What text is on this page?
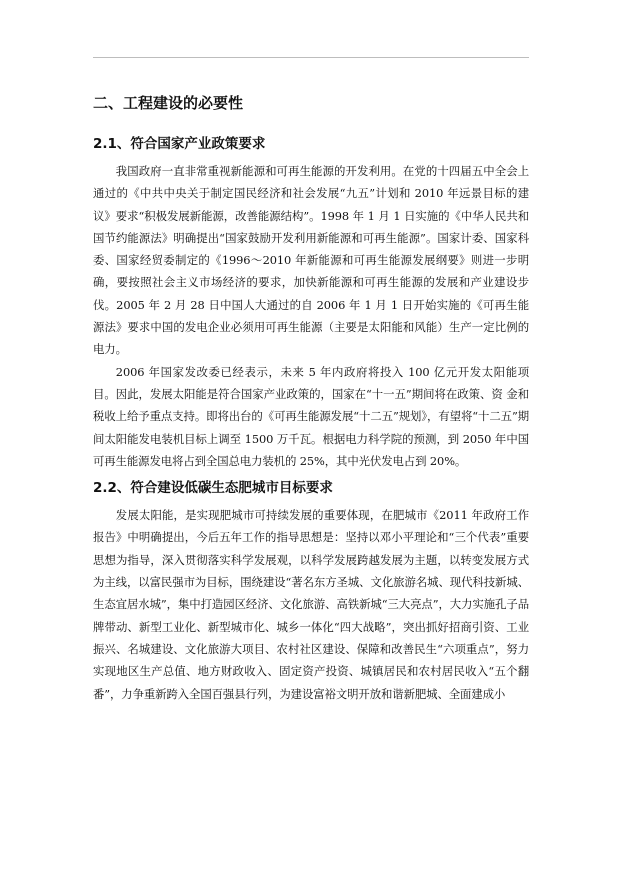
二、工程建设的必要性
2.1、符合国家产业政策要求

我国政府一直非常重视新能源和可再生能源的开发利用。在党的十四届五中全会上通过的《中共中央关于制定国民经济和社会发展“九五”计划和 2010 年远景目标的建议》要求“积极发展新能源，改善能源结构”。1998 年 1 月 1 日实施的《中华人民共和国节约能源法》明确提出“国家鼓励开发利用新能源和可再生能源”。国家计委、国家科委、国家经贸委制定的《1996～2010 年新能源和可再生能源发展纲要》则进一步明确，要按照社会主义市场经济的要求，加快新能源和可再生能源的发展和产业建设步伐。2005 年 2 月 28 日中国人大通过的自 2006 年 1 月 1 日开始实施的《可再生能源法》要求中国的发电企业必须用可再生能源（主要是太阳能和风能）生产一定比例的电力。

2006 年国家发改委已经表示，未来 5 年内政府将投入 100 亿元开发太阳能项目。因此，发展太阳能是符合国家产业政策的，国家在“十一五”期间将在政策、资 金和税收上给予重点支持。即将出台的《可再生能源发展“十二五”规划》，有望将“十二五”期间太阳能发电装机目标上调至 1500 万千瓦。根据电力科学院的预测，到 2050 年中国可再生能源发电将占到全国总电力装机的 25%，其中光伏发电占到 20%。

2.2、符合建设低碳生态肥城市目标要求

发展太阳能，是实现肥城市可持续发展的重要体现，在肥城市《2011 年政府工作报告》中明确提出，今后五年工作的指导思想是：坚持以邓小平理论和“三个代表”重要思想为指导，深入贯彻落实科学发展观，以科学发展跨越发展为主题，以转变发展方式为主线，以富民强市为目标，围绕建设“著名东方圣城、文化旅游名城、现代科技新城、生态宜居水城”，集中打造园区经济、文化旅游、高铁新城“三大亮点”，大力实施孔子品牌带动、新型工业化、新型城市化、城乡一体化“四大战略”，突出抓好招商引资、工业振兴、名城建设、文化旅游大项目、农村社区建设、保障和改善民生“六项重点”，努力实现地区生产总值、地方财政收入、固定资产投资、城镇居民和农村居民收入“五个翻番”，力争重新跨入全国百强县行列，为建设富裕文明开放和谐新肥城、全面建成小
